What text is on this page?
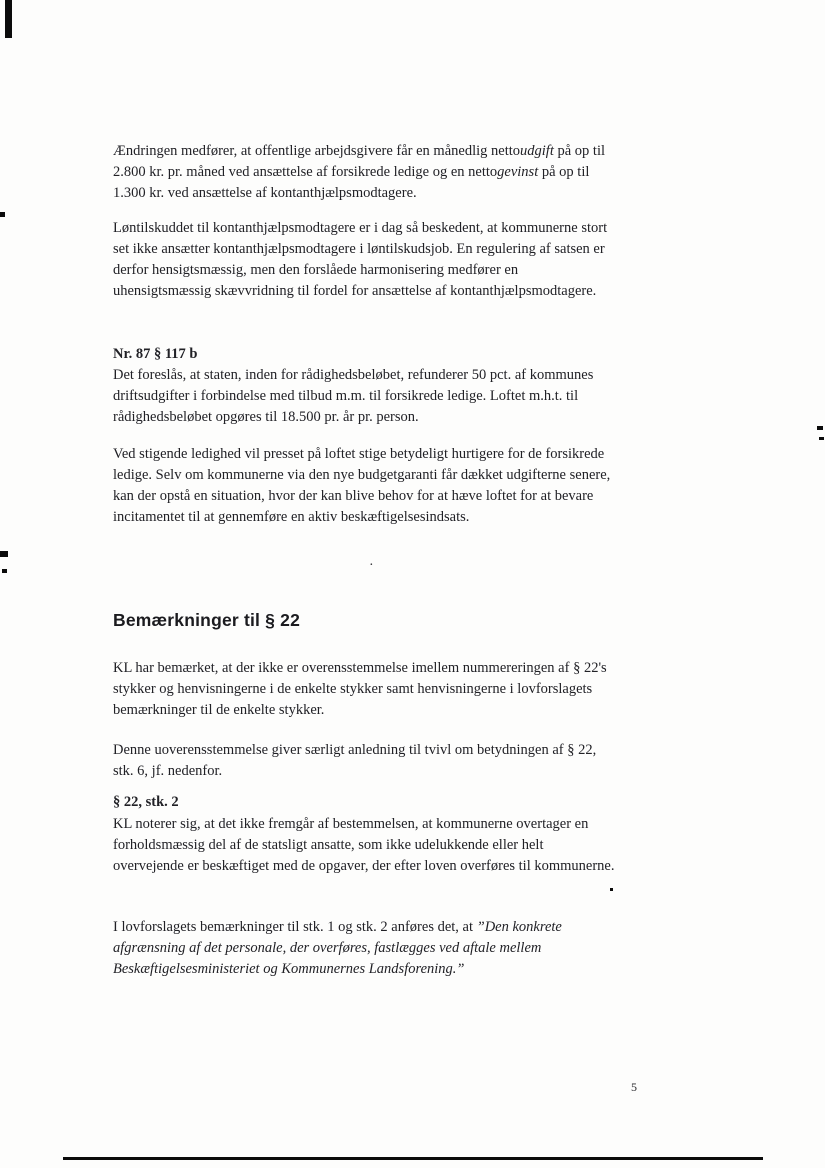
Ændringen medfører, at offentlige arbejdsgivere får en månedlig nettoudgift på op til 2.800 kr. pr. måned ved ansættelse af forsikrede ledige og en nettogevinst på op til 1.300 kr. ved ansættelse af kontanthjælpsmodtagere.

Løntilskuddet til kontanthjælpsmodtagere er i dag så beskedent, at kommunerne stort set ikke ansætter kontanthjælpsmodtagere i løntilskudsjob. En regulering af satsen er derfor hensigtsmæssig, men den forslåede harmonisering medfører en uhensigtsmæssig skævvridning til fordel for ansættelse af kontanthjælpsmodtagere.

Nr. 87 § 117 b

Det foreslås, at staten, inden for rådighedsbeløbet, refunderer 50 pct. af kommunes driftsudgifter i forbindelse med tilbud m.m. til forsikrede ledige. Loftet m.h.t. til rådighedsbeløbet opgøres til 18.500 pr. år pr. person.

Ved stigende ledighed vil presset på loftet stige betydeligt hurtigere for de forsikrede ledige. Selv om kommunerne via den nye budgetgaranti får dækket udgifterne senere, kan der opstå en situation, hvor der kan blive behov for at hæve loftet for at bevare incitamentet til at gennemføre en aktiv beskæftigelsesindsats.

·
Bemærkninger til § 22

KL har bemærket, at der ikke er overensstemmelse imellem nummereringen af § 22's stykker og henvisningerne i de enkelte stykker samt henvisningerne i lovforslagets bemærkninger til de enkelte stykker.

Denne uoverensstemmelse giver særligt anledning til tvivl om betydningen af § 22, stk. 6, jf. nedenfor.

§ 22, stk. 2

KL noterer sig, at det ikke fremgår af bestemmelsen, at kommunerne overtager en forholdsmæssig del af de statsligt ansatte, som ikke udelukkende eller helt overvejende er beskæftiget med de opgaver, der efter loven overføres til kommunerne.

I lovforslagets bemærkninger til stk. 1 og stk. 2 anføres det, at ”Den konkrete afgrænsning af det personale, der overføres, fastlægges ved aftale mellem Beskæftigelsesministeriet og Kommunernes Landsforening.”

5
